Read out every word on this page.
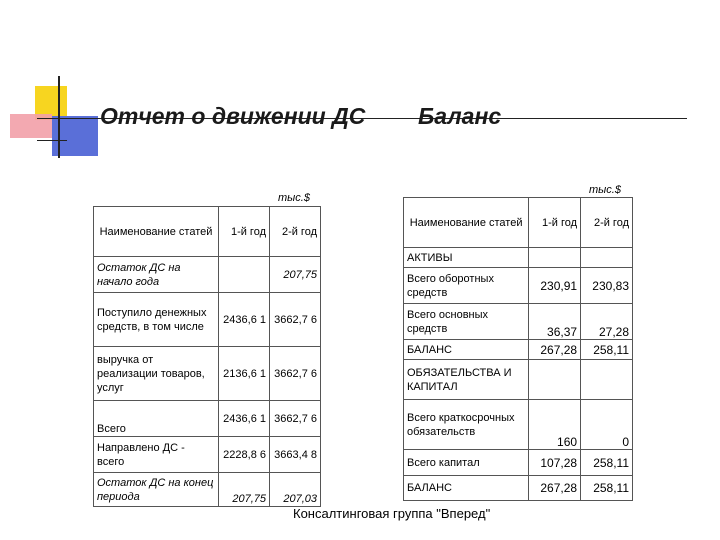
Отчет о движении ДС Баланс
тыс.$
тыс.$
Наименование статей	1-й год	2-й год
Остаток ДС на начало года		207,75
Поступило денежных средств, в том числе	2436,6 1	3662,7 6
выручка от реализации товаров, услуг	2136,6 1	3662,7 6
Всего	2436,6 1	3662,7 6
Направлено ДС - всего	2228,8 6	3663,4 8
Остаток ДС на конец периода	207,75	207,03
Наименование статей	1-й год	2-й год
АКТИВЫ		
Всего оборотных средств	230,91	230,83
Всего основных средств	36,37	27,28
БАЛАНС	267,28	258,11
ОБЯЗАТЕЛЬСТВА И КАПИТАЛ		
Всего краткосрочных обязательств	160	0
Всего капитал	107,28	258,11
БАЛАНС	267,28	258,11
Консалтинговая группа "Вперед"
